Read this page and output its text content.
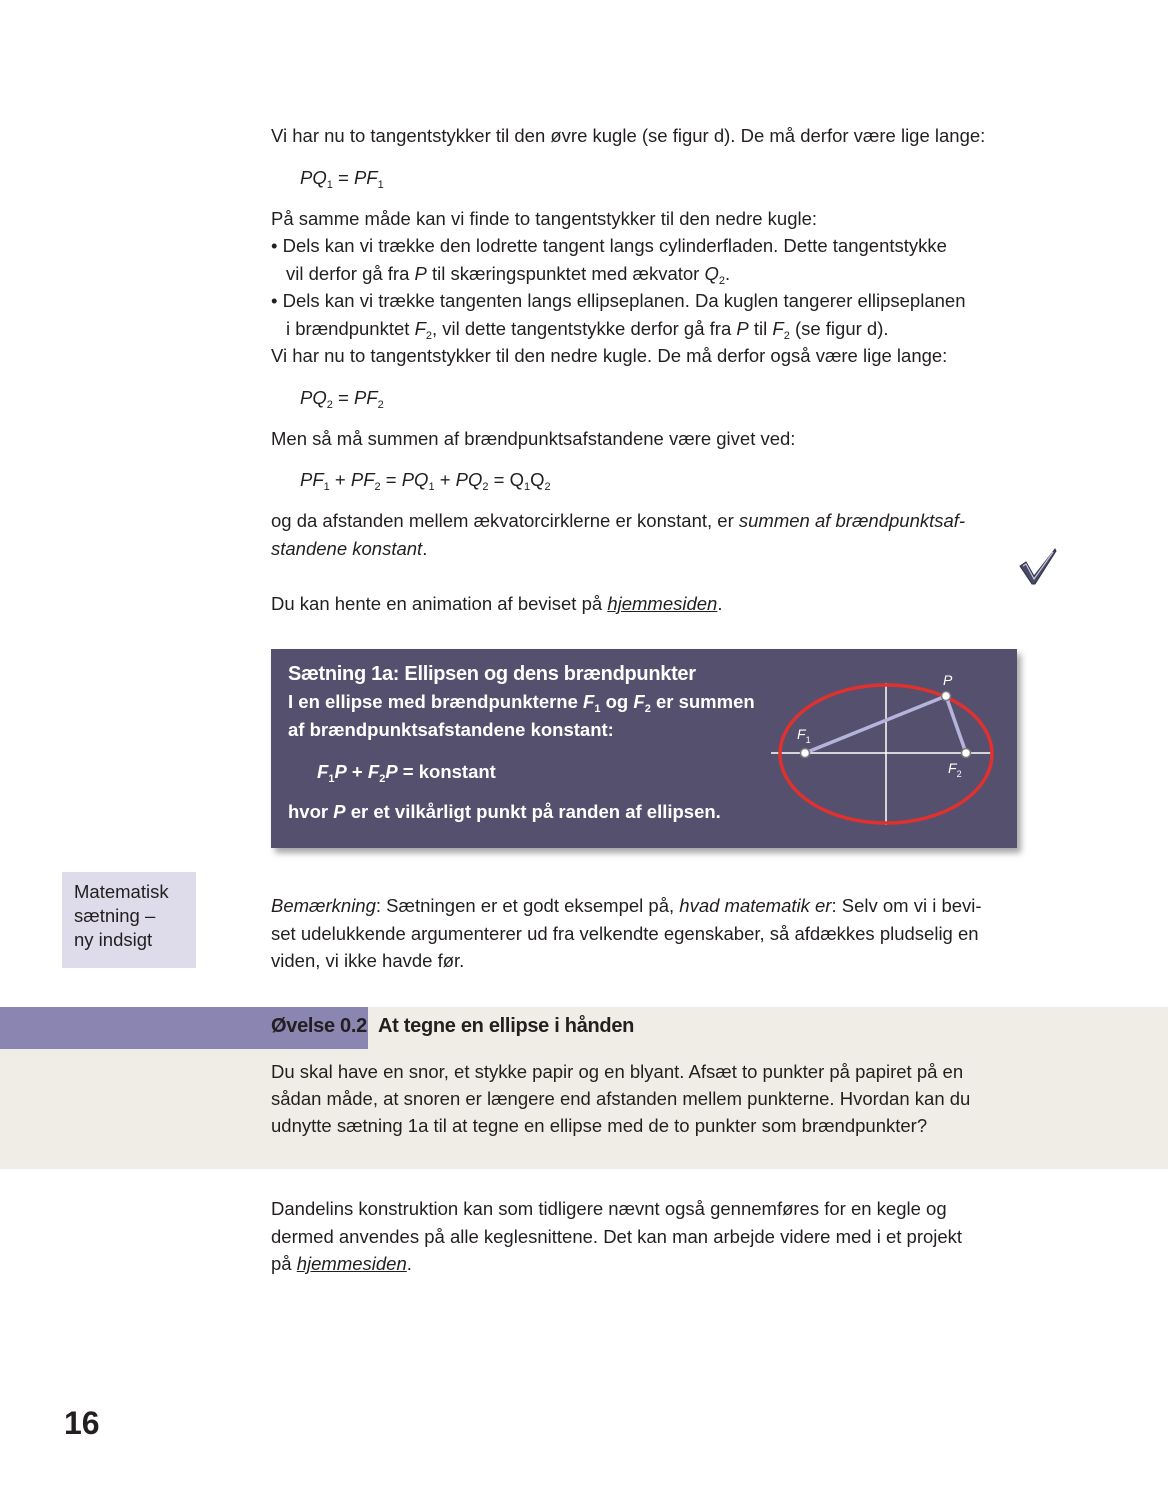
Vi har nu to tangentstykker til den øvre kugle (se figur d). De må derfor være lige lange:
$PQ_1 = PF_1$
På samme måde kan vi finde to tangentstykker til den nedre kugle:
• Dels kan vi trække den lodrette tangent langs cylinderfladen. Dette tangentstykke
vil derfor gå fra P til skæringspunktet med ækvator $Q_2$.
• Dels kan vi trække tangenten langs ellipseplanen. Da kuglen tangerer ellipseplanen
i brændpunktet $F_2$, vil dette tangentstykke derfor gå fra P til $F_2$ (se figur d).
Vi har nu to tangentstykker til den nedre kugle. De må derfor også være lige lange:
$PQ_2 = PF_2$
Men så må summen af brændpunktsafstandene være givet ved:
$PF_1 + PF_2 = PQ_1 + PQ_2 = Q_1Q_2$
og da afstanden mellem ækvatorcirklerne er konstant, er summen af brændpunktsaf-
standene konstant.
Du kan hente en animation af beviset på hjemmesiden.
Sætning 1a: Ellipsen og dens brændpunkter
I en ellipse med brændpunkterne $F_1$ og $F_2$ er summen
af brændpunktsafstandene konstant:
$F_1P + F_2P$ = konstant
hvor P er et vilkårligt punkt på randen af ellipsen.
P
$F_1$
$F_2$
Matematisk
sætning –
ny indsigt
Bemærkning: Sætningen er et godt eksempel på, hvad matematik er: Selv om vi i bevi-
set udelukkende argumenterer ud fra velkendte egenskaber, så afdækkes pludselig en
viden, vi ikke havde før.
Øvelse 0.2 At tegne en ellipse i hånden
Du skal have en snor, et stykke papir og en blyant. Afsæt to punkter på papiret på en
sådan måde, at snoren er længere end afstanden mellem punkterne. Hvordan kan du
udnytte sætning 1a til at tegne en ellipse med de to punkter som brændpunkter?
Dandelins konstruktion kan som tidligere nævnt også gennemføres for en kegle og
dermed anvendes på alle keglesnittene. Det kan man arbejde videre med i et projekt
på hjemmesiden.
16
